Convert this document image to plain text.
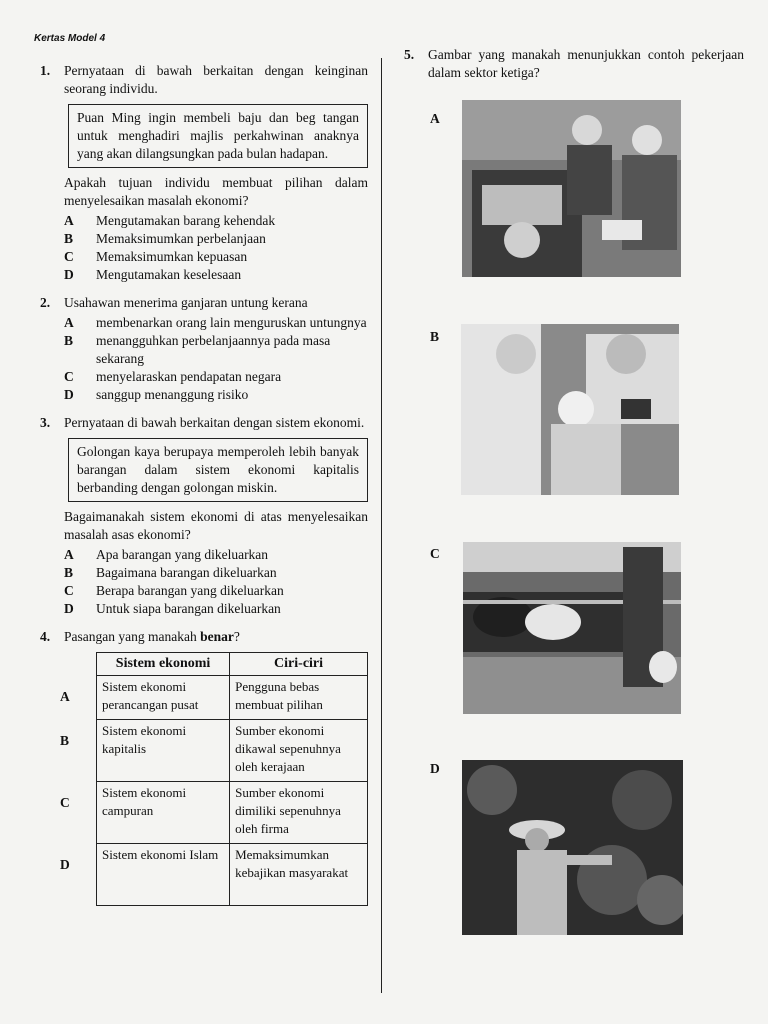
Kertas Model 4
1. Pernyataan di bawah berkaitan dengan keinginan seorang individu.
Puan Ming ingin membeli baju dan beg tangan untuk menghadiri majlis perkahwinan anaknya yang akan dilangsungkan pada bulan hadapan.
Apakah tujuan individu membuat pilihan dalam menyelesaikan masalah ekonomi?
A Mengutamakan barang kehendak
B Memaksimumkan perbelanjaan
C Memaksimumkan kepuasan
D Mengutamakan keselesaan
2. Usahawan menerima ganjaran untung kerana
A membenarkan orang lain menguruskan untungnya
B menangguhkan perbelanjaannya pada masa sekarang
C menyelaraskan pendapatan negara
D sanggup menanggung risiko
3. Pernyataan di bawah berkaitan dengan sistem ekonomi.
Golongan kaya berupaya memperoleh lebih banyak barangan dalam sistem ekonomi kapitalis berbanding dengan golongan miskin.
Bagaimanakah sistem ekonomi di atas menyelesaikan masalah asas ekonomi?
A Apa barangan yang dikeluarkan
B Bagaimana barangan dikeluarkan
C Berapa barangan yang dikeluarkan
D Untuk siapa barangan dikeluarkan
4. Pasangan yang manakah benar?
Sistem ekonomi	Ciri-ciri
Sistem ekonomi perancangan pusat	Pengguna bebas membuat pilihan
Sistem ekonomi kapitalis	Sumber ekonomi dikawal sepenuhnya oleh kerajaan
Sistem ekonomi campuran	Sumber ekonomi dimiliki sepenuhnya oleh firma
Sistem ekonomi Islam	Memaksimumkan kebajikan masyarakat
A
B
C
D
5. Gambar yang manakah menunjukkan contoh pekerjaan dalam sektor ketiga?
A
B
C
D
